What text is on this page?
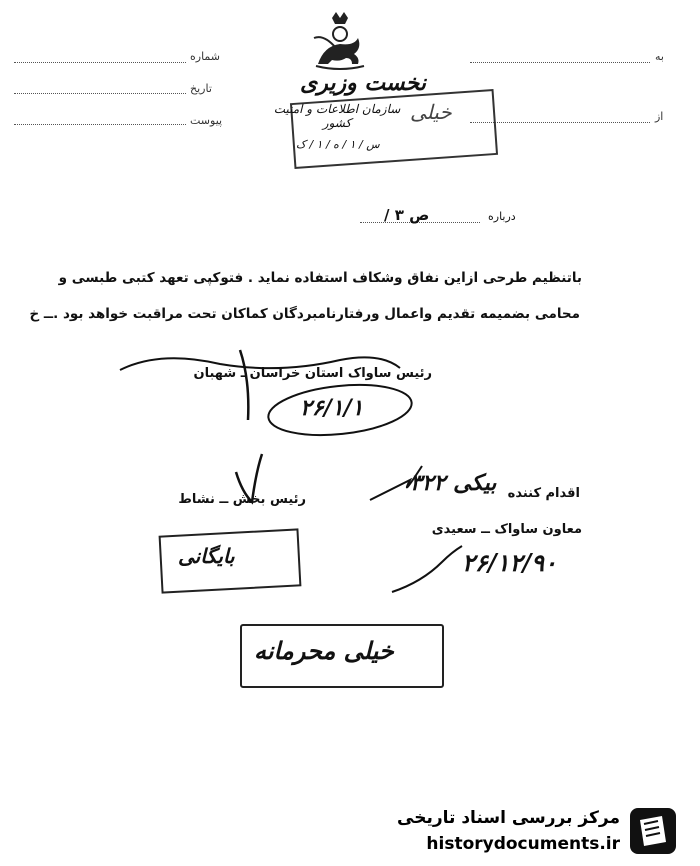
به
از
شماره
تاریخ
پیوست	خیلی
نخست وزیری
سازمان اطلاعات و امنیت کشور
س / ۱ / ه / ۱ / ک
درباره
ص ۳ /
باتنظیم طرحی ازاین نفاق وشکاف استفاده نماید . فتوکپی تعهد کتبی طبسی و
محامی بضمیمه تقدیم واعمال ورفتارنامبردگان کماکان تحت مراقبت خواهد بود .ــ خ
رئیس ساواک استان خراسان ـ شهبان
۲۶/۱/۱
رئیس بخش ــ نشاط
بایگانی
اقدام کننده
۳۲۲ بیکی
معاون ساواک ــ سعیدی
۲۶/۱۲/۹۰
خیلی محرمانه
مرکز بررسی اسناد تاریخی
historydocuments.ir
